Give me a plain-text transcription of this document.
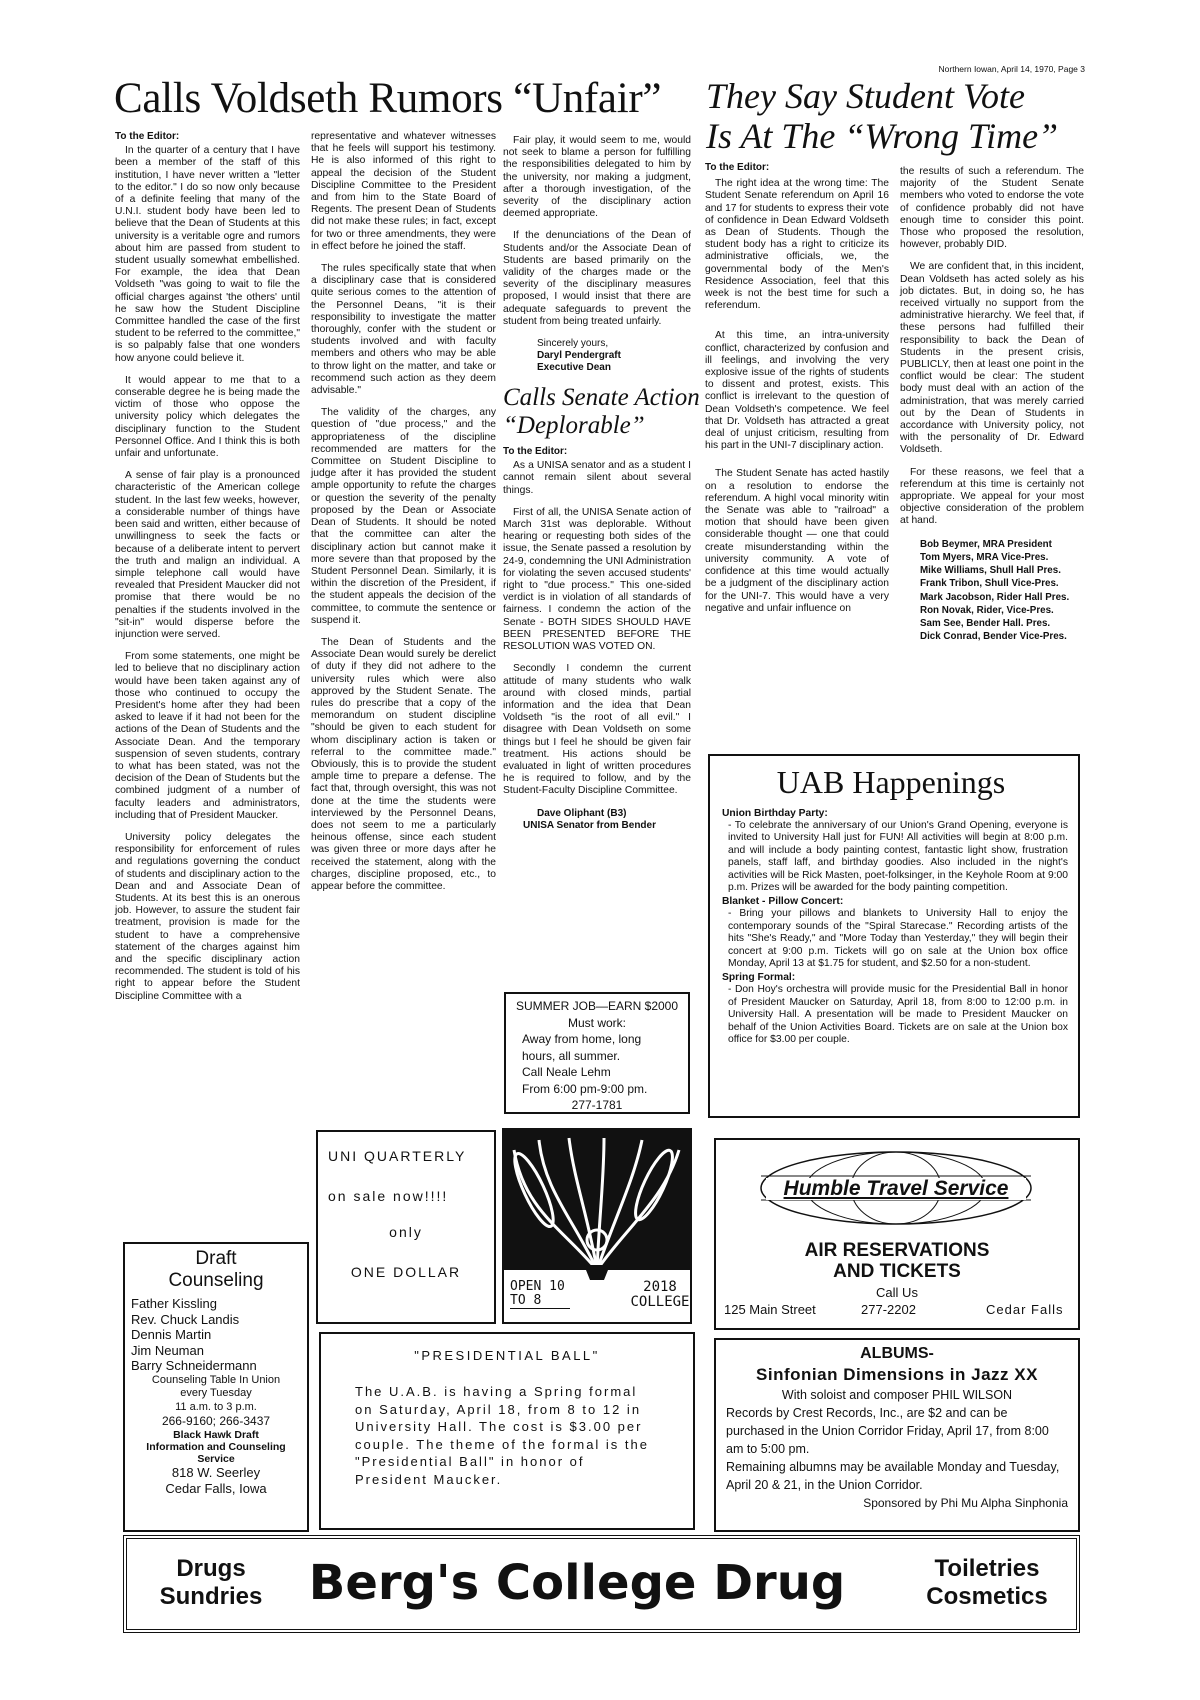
Northern Iowan, April 14, 1970, Page 3
Calls Voldseth Rumors “Unfair”
To the Editor:

In the quarter of a century that I have been a member of the staff of this institution, I have never written a "letter to the editor." I do so now only because of a definite feeling that many of the U.N.I. student body have been led to believe that the Dean of Students at this university is a veritable ogre and rumors about him are passed from student to student usually somewhat embellished. For example, the idea that Dean Voldseth "was going to wait to file the official charges against 'the others' until he saw how the Student Discipline Committee handled the case of the first student to be referred to the committee," is so palpably false that one wonders how anyone could believe it.

It would appear to me that to a conserable degree he is being made the victim of those who oppose the university policy which delegates the disciplinary function to the Student Personnel Office. And I think this is both unfair and unfortunate.

A sense of fair play is a pronounced characteristic of the American college student. In the last few weeks, however, a considerable number of things have been said and written, either because of unwillingness to seek the facts or because of a deliberate intent to pervert the truth and malign an individual. A simple telephone call would have revealed that President Maucker did not promise that there would be no penalties if the students involved in the "sit-in" would disperse before the injunction were served.

From some statements, one might be led to believe that no disciplinary action would have been taken against any of those who continued to occupy the President's home after they had been asked to leave if it had not been for the actions of the Dean of Students and the Associate Dean. And the temporary suspension of seven students, contrary to what has been stated, was not the decision of the Dean of Students but the combined judgment of a number of faculty leaders and administrators, including that of President Maucker.

University policy delegates the responsibility for enforcement of rules and regulations governing the conduct of students and disciplinary action to the Dean and and Associate Dean of Students. At its best this is an onerous job. However, to assure the student fair treatment, provision is made for the student to have a comprehensive statement of the charges against him and the specific disciplinary action recommended. The student is told of his right to appear before the Student Discipline Committee with a

representative and whatever witnesses that he feels will support his testimony. He is also informed of this right to appeal the decision of the Student Discipline Committee to the President and from him to the State Board of Regents. The present Dean of Students did not make these rules; in fact, except for two or three amendments, they were in effect before he joined the staff.

The rules specifically state that when a disciplinary case that is considered quite serious comes to the attention of the Personnel Deans, "it is their responsibility to investigate the matter thoroughly, confer with the student or students involved and with faculty members and others who may be able to throw light on the matter, and take or recommend such action as they deem advisable."

The validity of the charges, any question of "due process," and the appropriateness of the discipline recommended are matters for the Committee on Student Discipline to judge after it has provided the student ample opportunity to refute the charges or question the severity of the penalty proposed by the Dean or Associate Dean of Students. It should be noted that the committee can alter the disciplinary action but cannot make it more severe than that proposed by the Student Personnel Dean. Similarly, it is within the discretion of the President, if the student appeals the decision of the committee, to commute the sentence or suspend it.

The Dean of Students and the Associate Dean would surely be derelict of duty if they did not adhere to the university rules which were also approved by the Student Senate. The rules do prescribe that a copy of the memorandum on student discipline "should be given to each student for whom disciplinary action is taken or referral to the committee made." Obviously, this is to provide the student ample time to prepare a defense. The fact that, through oversight, this was not done at the time the students were interviewed by the Personnel Deans, does not seem to me a particularly heinous offense, since each student was given three or more days after he received the statement, along with the charges, discipline proposed, etc., to appear before the committee.

Fair play, it would seem to me, would not seek to blame a person for fulfilling the responsibilities delegated to him by the university, nor making a judgment, after a thorough investigation, of the severity of the disciplinary action deemed appropriate.

If the denunciations of the Dean of Students and/or the Associate Dean of Students are based primarily on the validity of the charges made or the severity of the disciplinary measures proposed, I would insist that there are adequate safeguards to prevent the student from being treated unfairly.

Sincerely yours,
Daryl Pendergraft
Executive Dean
Calls Senate Action “Deplorable”
To the Editor:

As a UNISA senator and as a student I cannot remain silent about several things.

First of all, the UNISA Senate action of March 31st was deplorable. Without hearing or requesting both sides of the issue, the Senate passed a resolution by 24-9, condemning the UNI Administration for violating the seven accused students' right to "due process." This one-sided verdict is in violation of all standards of fairness. I condemn the action of the Senate - BOTH SIDES SHOULD HAVE BEEN PRESENTED BEFORE THE RESOLUTION WAS VOTED ON.

Secondly I condemn the current attitude of many students who walk around with closed minds, partial information and the idea that Dean Voldseth "is the root of all evil." I disagree with Dean Voldseth on some things but I feel he should be given fair treatment. His actions should be evaluated in light of written procedures he is required to follow, and by the Student-Faculty Discipline Committee.

Dave Oliphant (B3)
UNISA Senator from Bender
SUMMER JOB—EARN $2000
Must work:
Away from home, long
hours, all summer.
Call Neale Lehm
From 6:00 pm-9:00 pm.
277-1781
They Say Student Vote
Is At The “Wrong Time”
To the Editor:

The right idea at the wrong time: The Student Senate referendum on April 16 and 17 for students to express their vote of confidence in Dean Edward Voldseth as Dean of Students. Though the student body has a right to criticize its administrative officials, we, the governmental body of the Men's Residence Association, feel that this week is not the best time for such a referendum.

At this time, an intra-university conflict, characterized by confusion and ill feelings, and involving the very explosive issue of the rights of students to dissent and protest, exists. This conflict is irrelevant to the question of Dean Voldseth's competence. We feel that Dr. Voldseth has attracted a great deal of unjust criticism, resulting from his part in the UNI-7 disciplinary action.

The Student Senate has acted hastily on a resolution to endorse the referendum. A highl vocal minority witin the Senate was able to "railroad" a motion that should have been given considerable thought — one that could create misunderstanding within the university community. A vote of confidence at this time would actually be a judgment of the disciplinary action for the UNI-7. This would have a very negative and unfair influence on

the results of such a referendum. The majority of the Student Senate members who voted to endorse the vote of confidence probably did not have enough time to consider this point. Those who proposed the resolution, however, probably DID.

We are confident that, in this incident, Dean Voldseth has acted solely as his job dictates. But, in doing so, he has received virtually no support from the administrative hierarchy. We feel that, if these persons had fulfilled their responsibility to back the Dean of Students in the present crisis, PUBLICLY, then at least one point in the conflict would be clear: The student body must deal with an action of the administration, that was merely carried out by the Dean of Students in accordance with University policy, not with the personality of Dr. Edward Voldseth.

For these reasons, we feel that a referendum at this time is certainly not appropriate. We appeal for your most objective consideration of the problem at hand.

Bob Beymer, MRA President
Tom Myers, MRA Vice-Pres.
Mike Williams, Shull Hall Pres.
Frank Tribon, Shull Vice-Pres.
Mark Jacobson, Rider Hall Pres.
Ron Novak, Rider, Vice-Pres.
Sam See, Bender Hall. Pres.
Dick Conrad, Bender Vice-Pres.
UAB Happenings
Union Birthday Party:

- To celebrate the anniversary of our Union's Grand Opening, everyone is invited to University Hall just for FUN! All activities will begin at 8:00 p.m. and will include a body painting contest, fantastic light show, frustration panels, staff laff, and birthday goodies. Also included in the night's activities will be Rick Masten, poet-folksinger, in the Keyhole Room at 9:00 p.m. Prizes will be awarded for the body painting competition.

Blanket - Pillow Concert:

- Bring your pillows and blankets to University Hall to enjoy the contemporary sounds of the "Spiral Starecase." Recording artists of the hits "She's Ready," and "More Today than Yesterday," they will begin their concert at 9:00 p.m. Tickets will go on sale at the Union box office Monday, April 13 at $1.75 for student, and $2.50 for a non-student.

Spring Formal:

- Don Hoy's orchestra will provide music for the Presidential Ball in honor of President Maucker on Saturday, April 18, from 8:00 to 12:00 p.m. in University Hall. A presentation will be made to President Maucker on behalf of the Union Activities Board. Tickets are on sale at the Union box office for $3.00 per couple.

UNI QUARTERLY
on sale now!!!!
only
ONE DOLLAR
OPEN 10 TO 8
2018 COLLEGE
Humble Travel Service
AIR RESERVATIONS
AND TICKETS
Call Us
125 Main Street	277-2202	Cedar Falls
Draft
Counseling
Father Kissling
Rev. Chuck Landis
Dennis Martin
Jim Neuman
Barry Schneidermann
Counseling Table In Union
every Tuesday
11 a.m. to 3 p.m.
266-9160; 266-3437
Black Hawk Draft Information and Counseling Service
818 W. Seerley
Cedar Falls, Iowa
"PRESIDENTIAL BALL"
The U.A.B. is having a Spring formal on Saturday, April 18, from 8 to 12 in University Hall. The cost is $3.00 per couple. The theme of the formal is the "Presidential Ball" in honor of President Maucker.
ALBUMS-
Sinfonian Dimensions in Jazz XX
With soloist and composer PHIL WILSON
Records by Crest Records, Inc., are $2 and can be purchased in the Union Corridor Friday, April 17, from 8:00 am to 5:00 pm.
Remaining albumns may be available Monday and Tuesday, April 20 & 21, in the Union Corridor.
Sponsored by Phi Mu Alpha Sinphonia
Drugs
Sundries Berg's College Drug	Toiletries
Cosmetics
